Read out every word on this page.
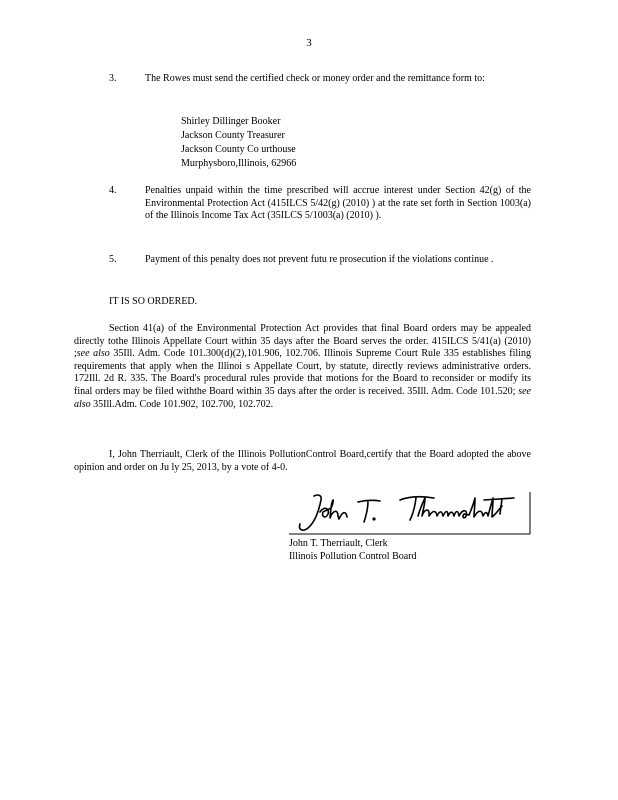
3
3.	The Rowes must send the certified check or money order and the remittance form to:
Shirley Dillinger Booker
Jackson County Treasurer
Jackson County Co urthouse
Murphysboro,Illinois, 62966
4.	Penalties unpaid within the time prescribed will accrue interest under Section 42(g) of the Environmental Protection Act (415ILCS 5/42(g) (2010) ) at the rate set forth in Section 1003(a) of the Illinois Income Tax Act (35ILCS 5/1003(a) (2010) ).
5.	Payment of this penalty does not prevent futu re prosecution if the violations continue .
IT IS SO ORDERED.
Section 41(a) of the Environmental Protection Act provides that final Board orders may be appealed directly tothe Illinois Appellate Court within 35 days after the Board serves the order. 415ILCS 5/41(a) (2010) ;see also 35Ill. Adm. Code 101.300(d)(2),101.906, 102.706. Illinois Supreme Court Rule 335 establishes filing requirements that apply when the Illinoi s Appellate Court, by statute, directly reviews administrative orders. 172Ill. 2d R. 335. The Board's procedural rules provide that motions for the Board to reconsider or modify its final orders may be filed withthe Board within 35 days after the order is received. 35Ill. Adm. Code 101.520; see also 35Ill.Adm. Code 101.902, 102.700, 102.702.
I, John Therriault, Clerk of the Illinois PollutionControl Board,certify that the Board adopted the above opinion and order on Ju ly 25, 2013, by a vote of 4-0.
John T. Therriault, Clerk
Illinois Pollution Control Board
